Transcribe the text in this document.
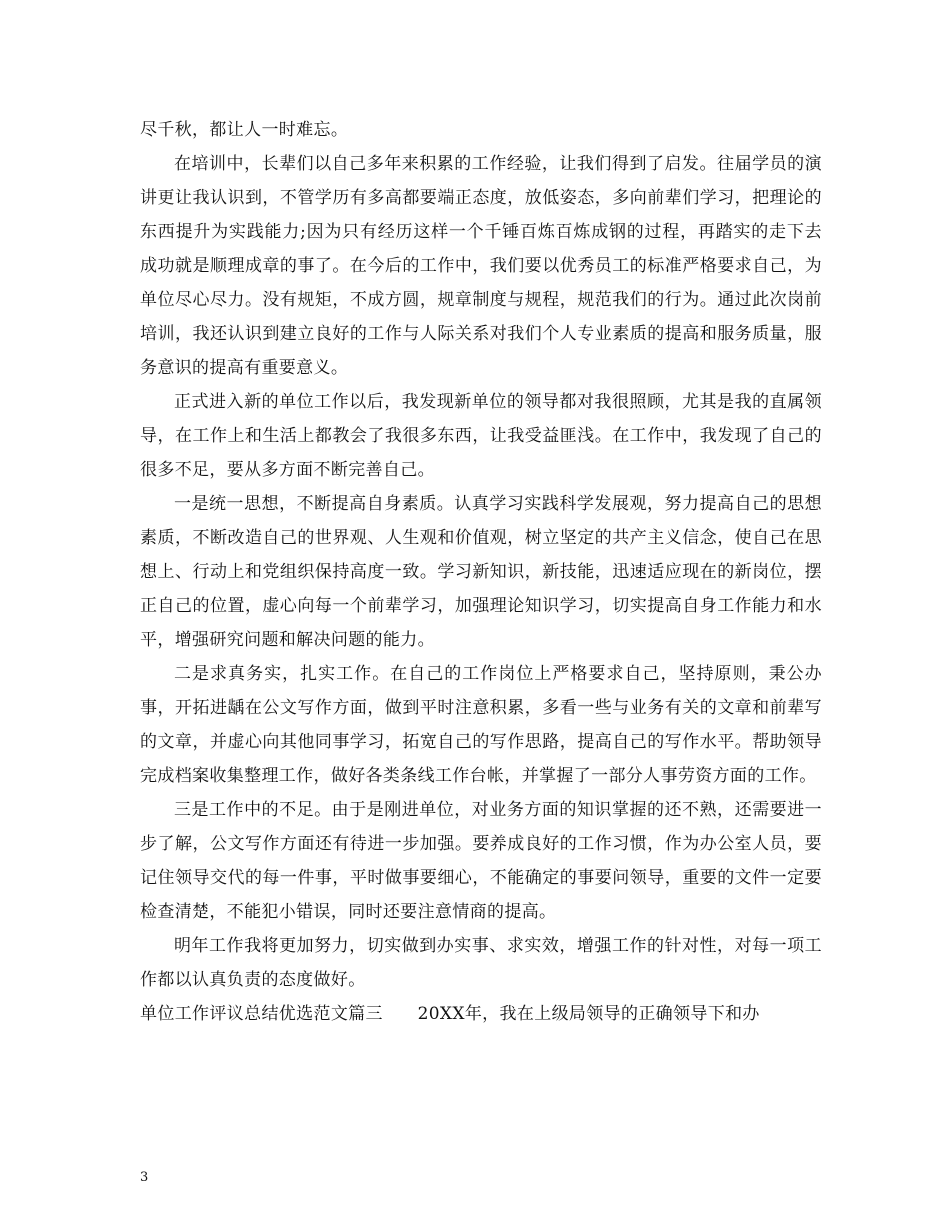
尽千秋，都让人一时难忘。

在培训中，长辈们以自己多年来积累的工作经验，让我们得到了启发。往届学员的演讲更让我认识到，不管学历有多高都要端正态度，放低姿态，多向前辈们学习，把理论的东西提升为实践能力;因为只有经历这样一个千锤百炼百炼成钢的过程，再踏实的走下去成功就是顺理成章的事了。在今后的工作中，我们要以优秀员工的标准严格要求自己，为单位尽心尽力。没有规矩，不成方圆，规章制度与规程，规范我们的行为。通过此次岗前培训，我还认识到建立良好的工作与人际关系对我们个人专业素质的提高和服务质量，服务意识的提高有重要意义。

正式进入新的单位工作以后，我发现新单位的领导都对我很照顾，尤其是我的直属领导，在工作上和生活上都教会了我很多东西，让我受益匪浅。在工作中，我发现了自己的很多不足，要从多方面不断完善自己。

一是统一思想，不断提高自身素质。认真学习实践科学发展观，努力提高自己的思想素质，不断改造自己的世界观、人生观和价值观，树立坚定的共产主义信念，使自己在思想上、行动上和党组织保持高度一致。学习新知识，新技能，迅速适应现在的新岗位，摆正自己的位置，虚心向每一个前辈学习，加强理论知识学习，切实提高自身工作能力和水平，增强研究问题和解决问题的能力。

二是求真务实，扎实工作。在自己的工作岗位上严格要求自己，坚持原则，秉公办事，开拓进龋在公文写作方面，做到平时注意积累，多看一些与业务有关的文章和前辈写的文章，并虚心向其他同事学习，拓宽自己的写作思路，提高自己的写作水平。帮助领导完成档案收集整理工作，做好各类条线工作台帐，并掌握了一部分人事劳资方面的工作。

三是工作中的不足。由于是刚进单位，对业务方面的知识掌握的还不熟，还需要进一步了解，公文写作方面还有待进一步加强。要养成良好的工作习惯，作为办公室人员，要记住领导交代的每一件事，平时做事要细心，不能确定的事要问领导，重要的文件一定要检查清楚，不能犯小错误，同时还要注意情商的提高。

明年工作我将更加努力，切实做到办实事、求实效，增强工作的针对性，对每一项工作都以认真负责的态度做好。

单位工作评议总结优选范文篇三　　20XX年，我在上级局领导的正确领导下和办

3
